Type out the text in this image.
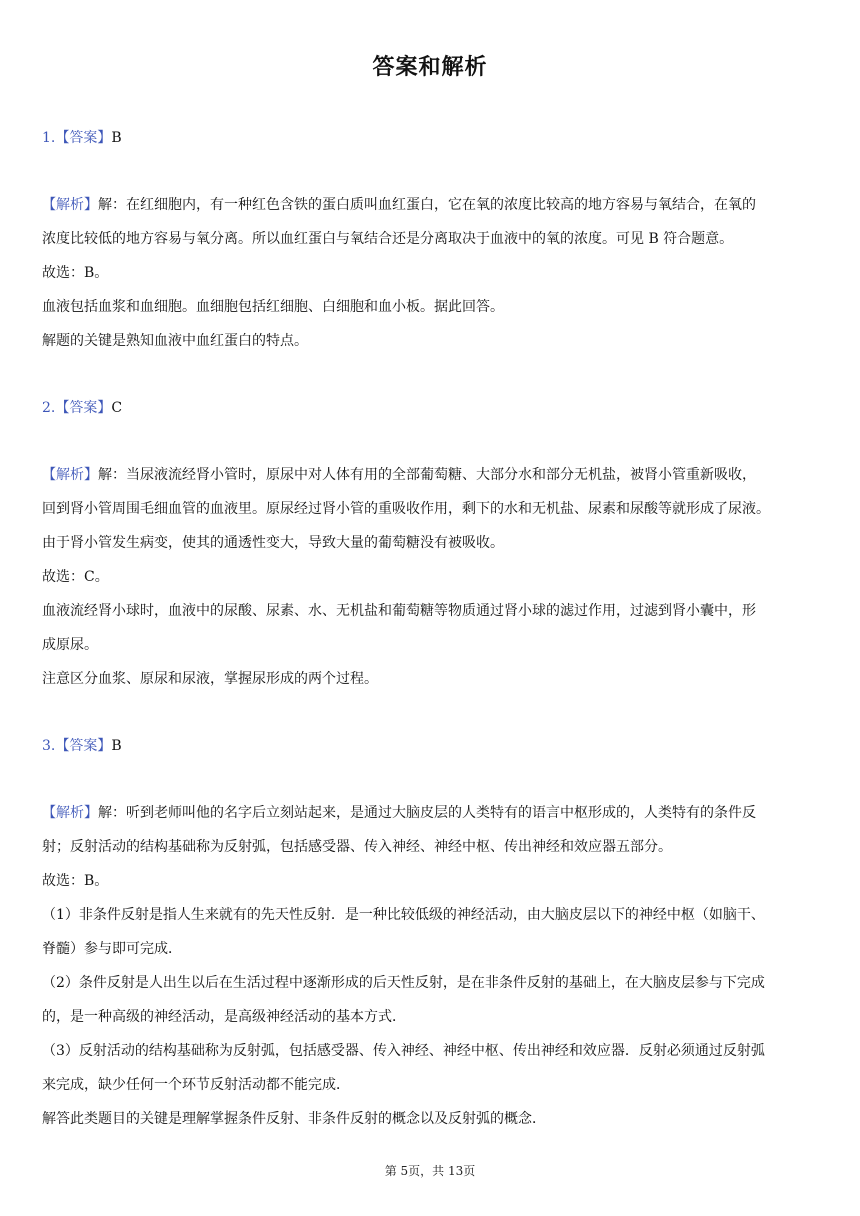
答案和解析
1.【答案】B
【解析】解：在红细胞内，有一种红色含铁的蛋白质叫血红蛋白，它在氧的浓度比较高的地方容易与氧结合，在氧的
浓度比较低的地方容易与氧分离。所以血红蛋白与氧结合还是分离取决于血液中的氧的浓度。可见 B 符合题意。
故选：B。
血液包括血浆和血细胞。血细胞包括红细胞、白细胞和血小板。据此回答。
解题的关键是熟知血液中血红蛋白的特点。
2.【答案】C
【解析】解：当尿液流经肾小管时，原尿中对人体有用的全部葡萄糖、大部分水和部分无机盐，被肾小管重新吸收，
回到肾小管周围毛细血管的血液里。原尿经过肾小管的重吸收作用，剩下的水和无机盐、尿素和尿酸等就形成了尿液。
由于肾小管发生病变，使其的通透性变大，导致大量的葡萄糖没有被吸收。
故选：C。
血液流经肾小球时，血液中的尿酸、尿素、水、无机盐和葡萄糖等物质通过肾小球的滤过作用，过滤到肾小囊中，形
成原尿。
注意区分血浆、原尿和尿液，掌握尿形成的两个过程。
3.【答案】B
【解析】解：听到老师叫他的名字后立刻站起来，是通过大脑皮层的人类特有的语言中枢形成的，人类特有的条件反
射；反射活动的结构基础称为反射弧，包括感受器、传入神经、神经中枢、传出神经和效应器五部分。
故选：B。
（1）非条件反射是指人生来就有的先天性反射．是一种比较低级的神经活动，由大脑皮层以下的神经中枢（如脑干、
脊髓）参与即可完成．
（2）条件反射是人出生以后在生活过程中逐渐形成的后天性反射，是在非条件反射的基础上，在大脑皮层参与下完成
的，是一种高级的神经活动，是高级神经活动的基本方式．
（3）反射活动的结构基础称为反射弧，包括感受器、传入神经、神经中枢、传出神经和效应器．反射必须通过反射弧
来完成，缺少任何一个环节反射活动都不能完成．
解答此类题目的关键是理解掌握条件反射、非条件反射的概念以及反射弧的概念．
第 5页，共 13页
